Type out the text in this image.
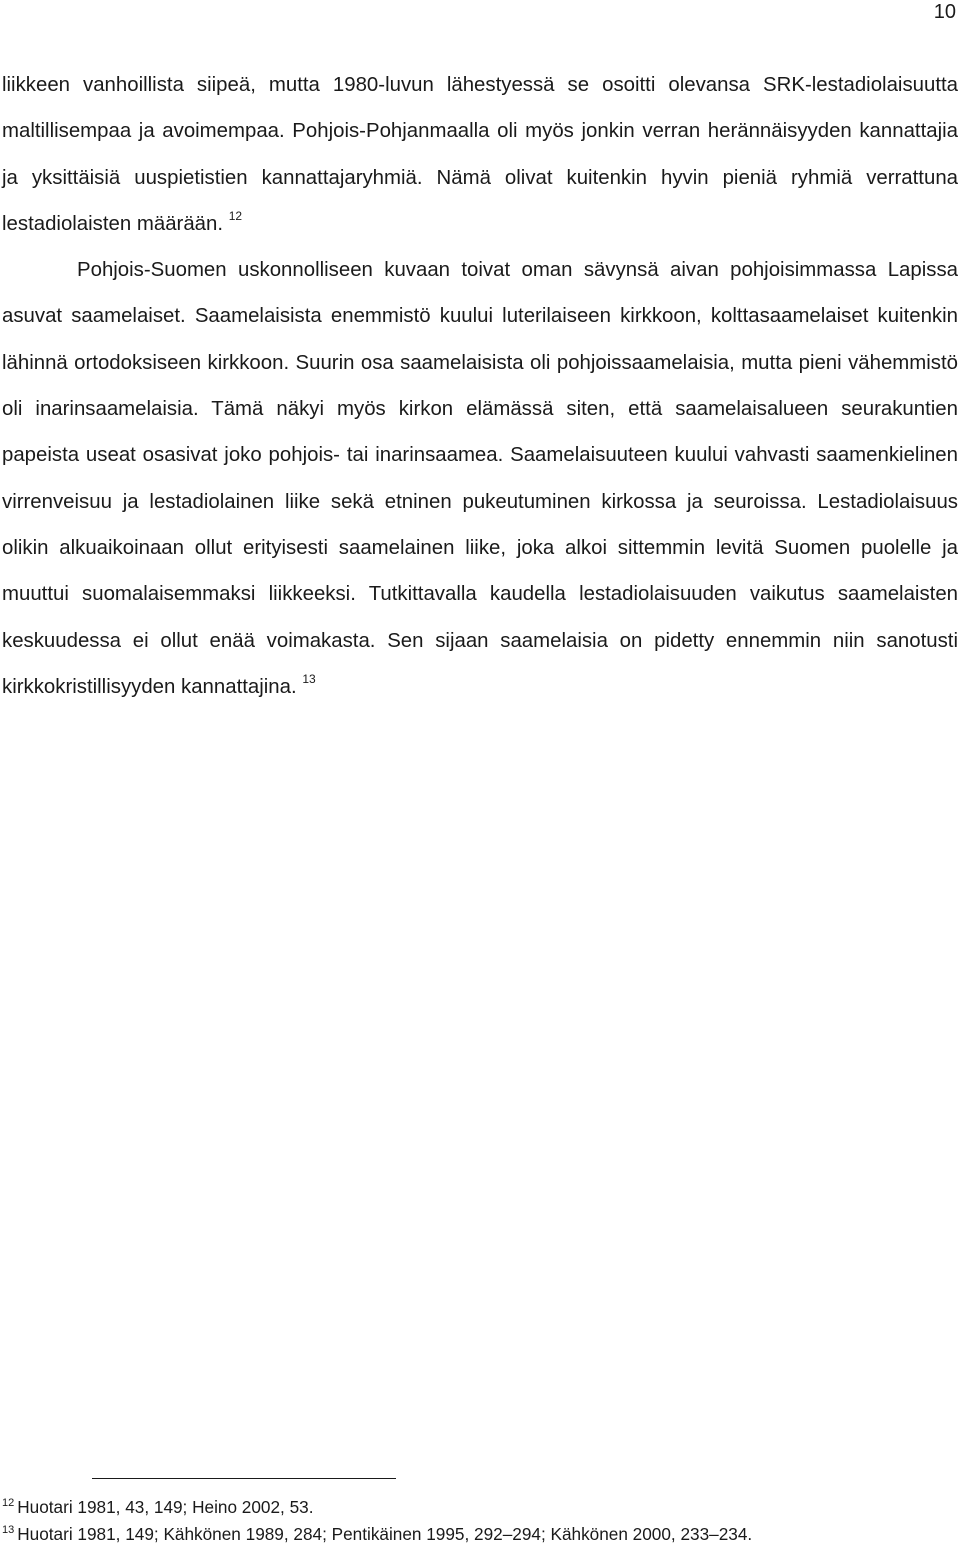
10

liikkeen vanhoillista siipeä, mutta 1980-luvun lähestyessä se osoitti olevansa SRK-lestadiolaisuutta maltillisempaa ja avoimempaa. Pohjois-Pohjanmaalla oli myös jonkin verran herännäisyyden kannattajia ja yksittäisiä uuspietistien kannattajaryhmiä. Nämä olivat kuitenkin hyvin pieniä ryhmiä verrattuna lestadiolaisten määrään. $^{12}$

Pohjois-Suomen uskonnolliseen kuvaan toivat oman sävynsä aivan pohjoisimmassa Lapissa asuvat saamelaiset. Saamelaisista enemmistö kuului luterilaiseen kirkkoon, kolttasaamelaiset kuitenkin lähinnä ortodoksiseen kirkkoon. Suurin osa saamelaisista oli pohjoissaamelaisia, mutta pieni vähemmistö oli inarinsaamelaisia. Tämä näkyi myös kirkon elämässä siten, että saamelaisalueen seurakuntien papeista useat osasivat joko pohjois- tai inarinsaamea. Saamelaisuuteen kuului vahvasti saamenkielinen virrenveisuu ja lestadiolainen liike sekä etninen pukeutuminen kirkossa ja seuroissa. Lestadiolaisuus olikin alkuaikoinaan ollut erityisesti saamelainen liike, joka alkoi sittemmin levitä Suomen puolelle ja muuttui suomalaisemmaksi liikkeeksi. Tutkittavalla kaudella lestadiolaisuuden vaikutus saamelaisten keskuudessa ei ollut enää voimakasta. Sen sijaan saamelaisia on pidetty ennemmin niin sanotusti kirkkokristillisyyden kannattajina. $^{13}$

$^{12}$ Huotari 1981, 43, 149; Heino 2002, 53.

$^{13}$ Huotari 1981, 149; Kähkönen 1989, 284; Pentikäinen 1995, 292–294; Kähkönen 2000, 233–234.
